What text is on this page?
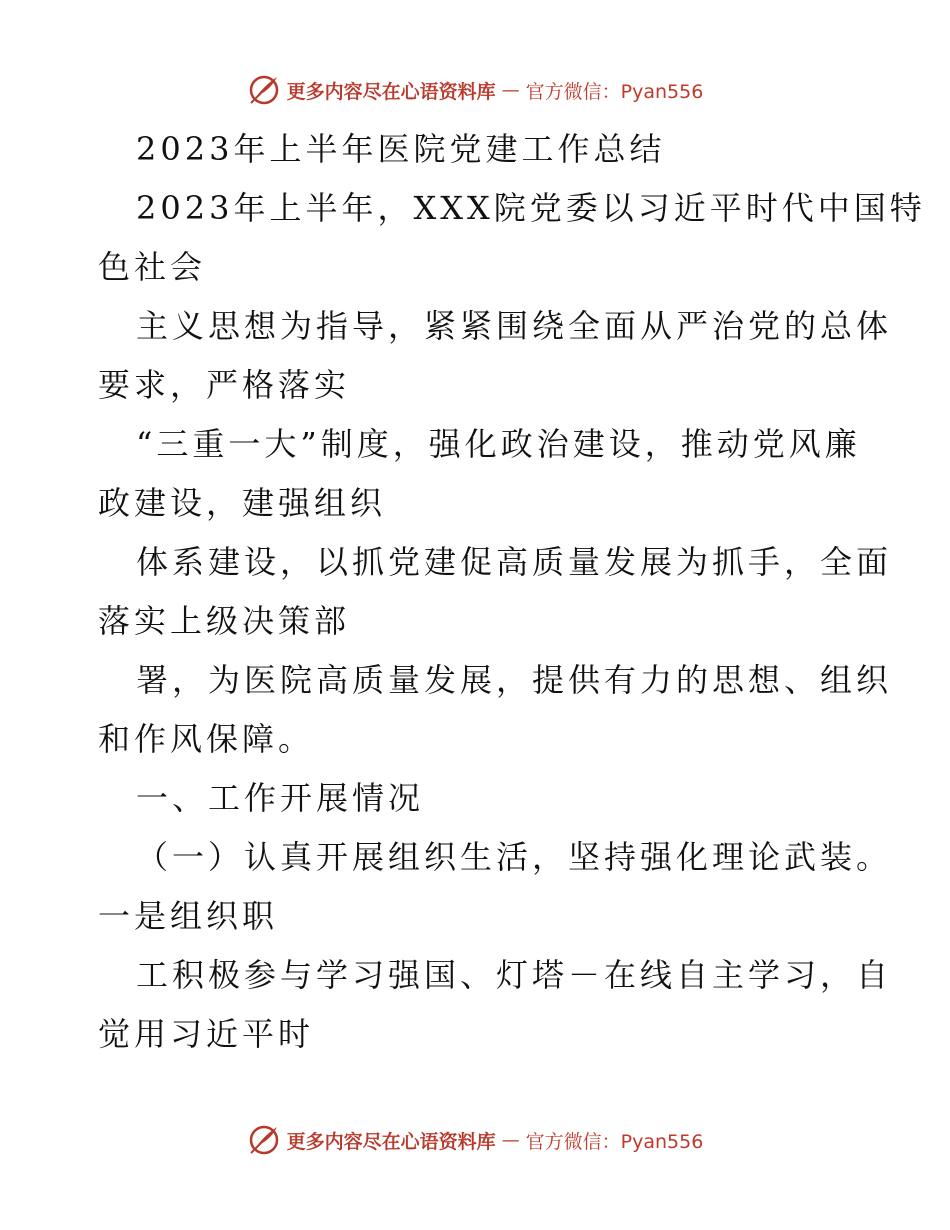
更多内容尽在心语资料库 — 官方微信：Pyan556
2023年上半年医院党建工作总结
2023年上半年，XXX院党委以习近平时代中国特
色社会
主义思想为指导，紧紧围绕全面从严治党的总体
要求，严格落实
“三重一大”制度，强化政治建设，推动党风廉
政建设，建强组织
体系建设，以抓党建促高质量发展为抓手，全面
落实上级决策部
署，为医院高质量发展，提供有力的思想、组织
和作风保障。
一、工作开展情况
（一）认真开展组织生活，坚持强化理论武装。
一是组织职
工积极参与学习强国、灯塔－在线自主学习，自
觉用习近平时
更多内容尽在心语资料库 — 官方微信：Pyan556
